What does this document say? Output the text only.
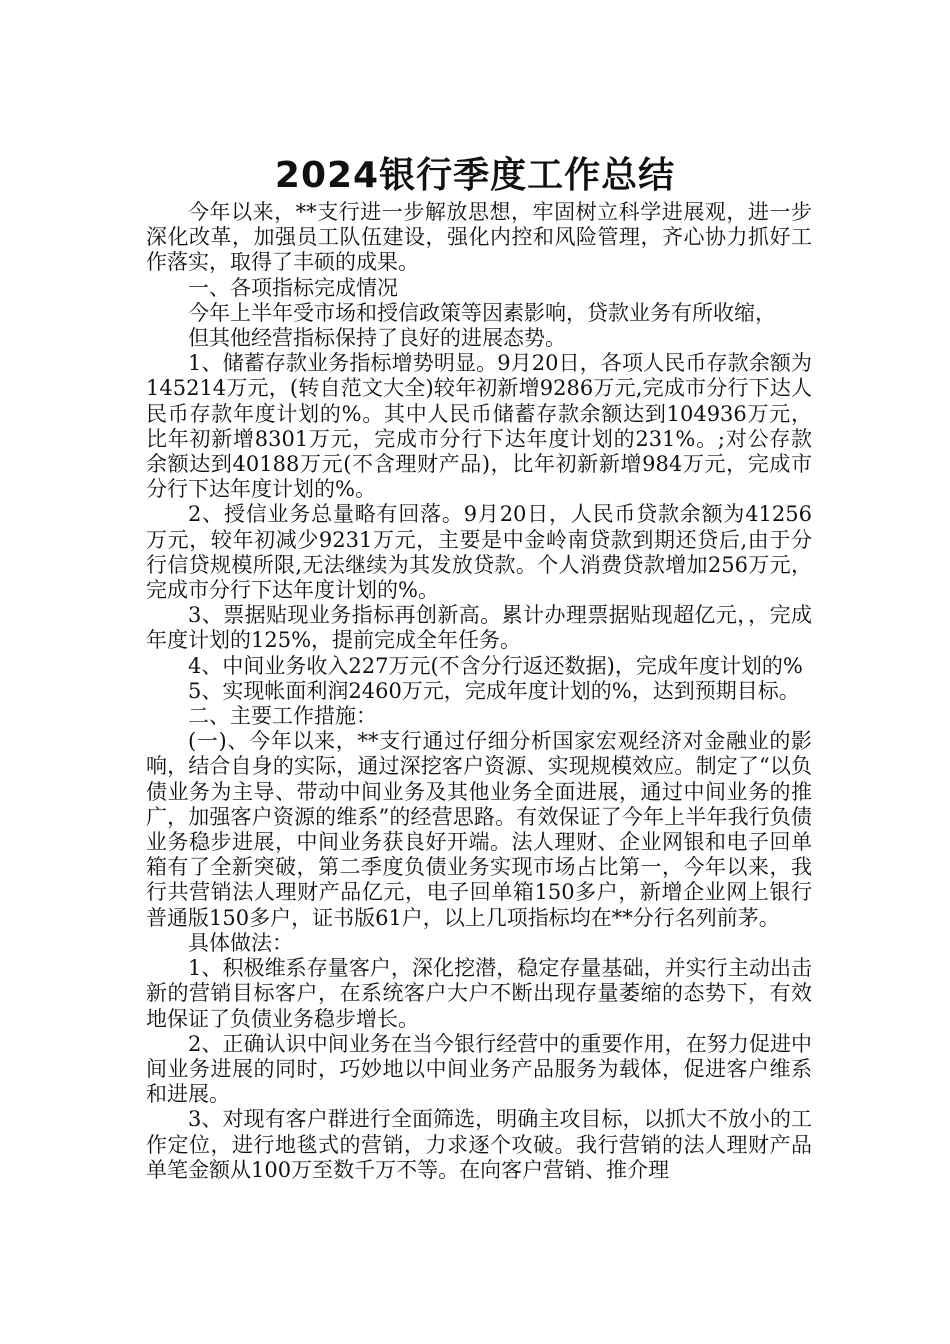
2024银行季度工作总结

今年以来，**支行进一步解放思想，牢固树立科学进展观，进一步深化改革，加强员工队伍建设，强化内控和风险管理，齐心协力抓好工作落实，取得了丰硕的成果。

一、各项指标完成情况

今年上半年受市场和授信政策等因素影响，贷款业务有所收缩，

但其他经营指标保持了良好的进展态势。

1、储蓄存款业务指标增势明显。9月20日，各项人民币存款余额为145214万元，(转自范文大全)较年初新增9286万元,完成市分行下达人民币存款年度计划的%。其中人民币储蓄存款余额达到104936万元，比年初新增8301万元，完成市分行下达年度计划的231%。;对公存款余额达到40188万元(不含理财产品)，比年初新新增984万元，完成市分行下达年度计划的%。

2、授信业务总量略有回落。9月20日，人民币贷款余额为41256万元，较年初减少9231万元，主要是中金岭南贷款到期还贷后,由于分行信贷规模所限,无法继续为其发放贷款。个人消费贷款增加256万元，完成市分行下达年度计划的%。

3、票据贴现业务指标再创新高。累计办理票据贴现超亿元，，完成年度计划的125%，提前完成全年任务。

4、中间业务收入227万元(不含分行返还数据)，完成年度计划的%

5、实现帐面利润2460万元，完成年度计划的%，达到预期目标。

二、主要工作措施：

(一)、今年以来，**支行通过仔细分析国家宏观经济对金融业的影响，结合自身的实际，通过深挖客户资源、实现规模效应。制定了“以负债业务为主导、带动中间业务及其他业务全面进展，通过中间业务的推广，加强客户资源的维系”的经营思路。有效保证了今年上半年我行负债业务稳步进展，中间业务获良好开端。法人理财、企业网银和电子回单箱有了全新突破，第二季度负债业务实现市场占比第一，今年以来，我行共营销法人理财产品亿元，电子回单箱150多户，新增企业网上银行普通版150多户，证书版61户，以上几项指标均在**分行名列前茅。

具体做法：

1、积极维系存量客户，深化挖潜，稳定存量基础，并实行主动出击新的营销目标客户，在系统客户大户不断出现存量萎缩的态势下，有效地保证了负债业务稳步增长。

2、正确认识中间业务在当今银行经营中的重要作用，在努力促进中间业务进展的同时，巧妙地以中间业务产品服务为载体，促进客户维系和进展。

3、对现有客户群进行全面筛选，明确主攻目标，以抓大不放小的工作定位，进行地毯式的营销，力求逐个攻破。我行营销的法人理财产品单笔金额从100万至数千万不等。在向客户营销、推介理
